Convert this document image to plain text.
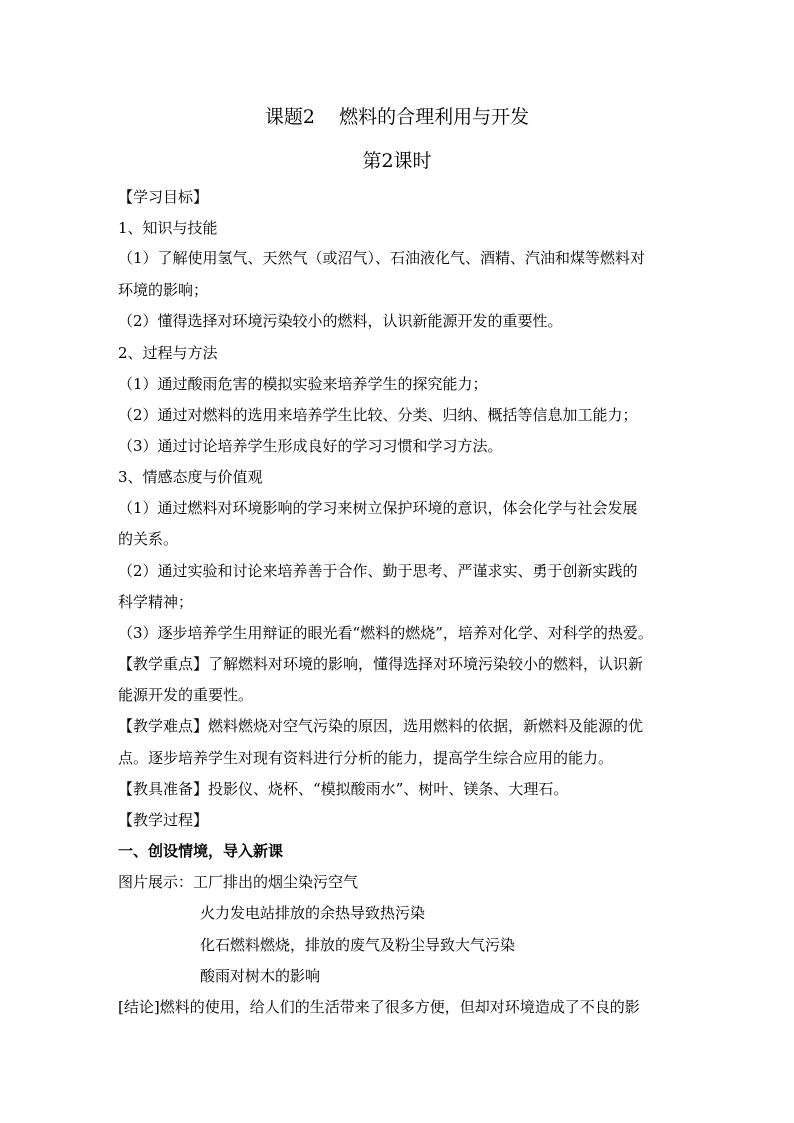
课题2    燃料的合理利用与开发
第2课时
【学习目标】
1、知识与技能
（1）了解使用氢气、天然气（或沼气）、石油液化气、酒精、汽油和煤等燃料对
环境的影响；
（2）懂得选择对环境污染较小的燃料，认识新能源开发的重要性。
2、过程与方法
（1）通过酸雨危害的模拟实验来培养学生的探究能力；
（2）通过对燃料的选用来培养学生比较、分类、归纳、概括等信息加工能力；
（3）通过讨论培养学生形成良好的学习习惯和学习方法。
3、情感态度与价值观
（1）通过燃料对环境影响的学习来树立保护环境的意识，体会化学与社会发展
的关系。
（2）通过实验和讨论来培养善于合作、勤于思考、严谨求实、勇于创新实践的
科学精神；
（3）逐步培养学生用辩证的眼光看“燃料的燃烧”，培养对化学、对科学的热爱。
【教学重点】了解燃料对环境的影响，懂得选择对环境污染较小的燃料，认识新
能源开发的重要性。
【教学难点】燃料燃烧对空气污染的原因，选用燃料的依据，新燃料及能源的优
点。逐步培养学生对现有资料进行分析的能力，提高学生综合应用的能力。
【教具准备】投影仪、烧杯、“模拟酸雨水”、树叶、镁条、大理石。
【教学过程】
一、创设情境，导入新课
图片展示：工厂排出的烟尘染污空气
火力发电站排放的余热导致热污染
化石燃料燃烧，排放的废气及粉尘导致大气污染
酸雨对树木的影响
[结论]燃料的使用，给人们的生活带来了很多方便，但却对环境造成了不良的影
